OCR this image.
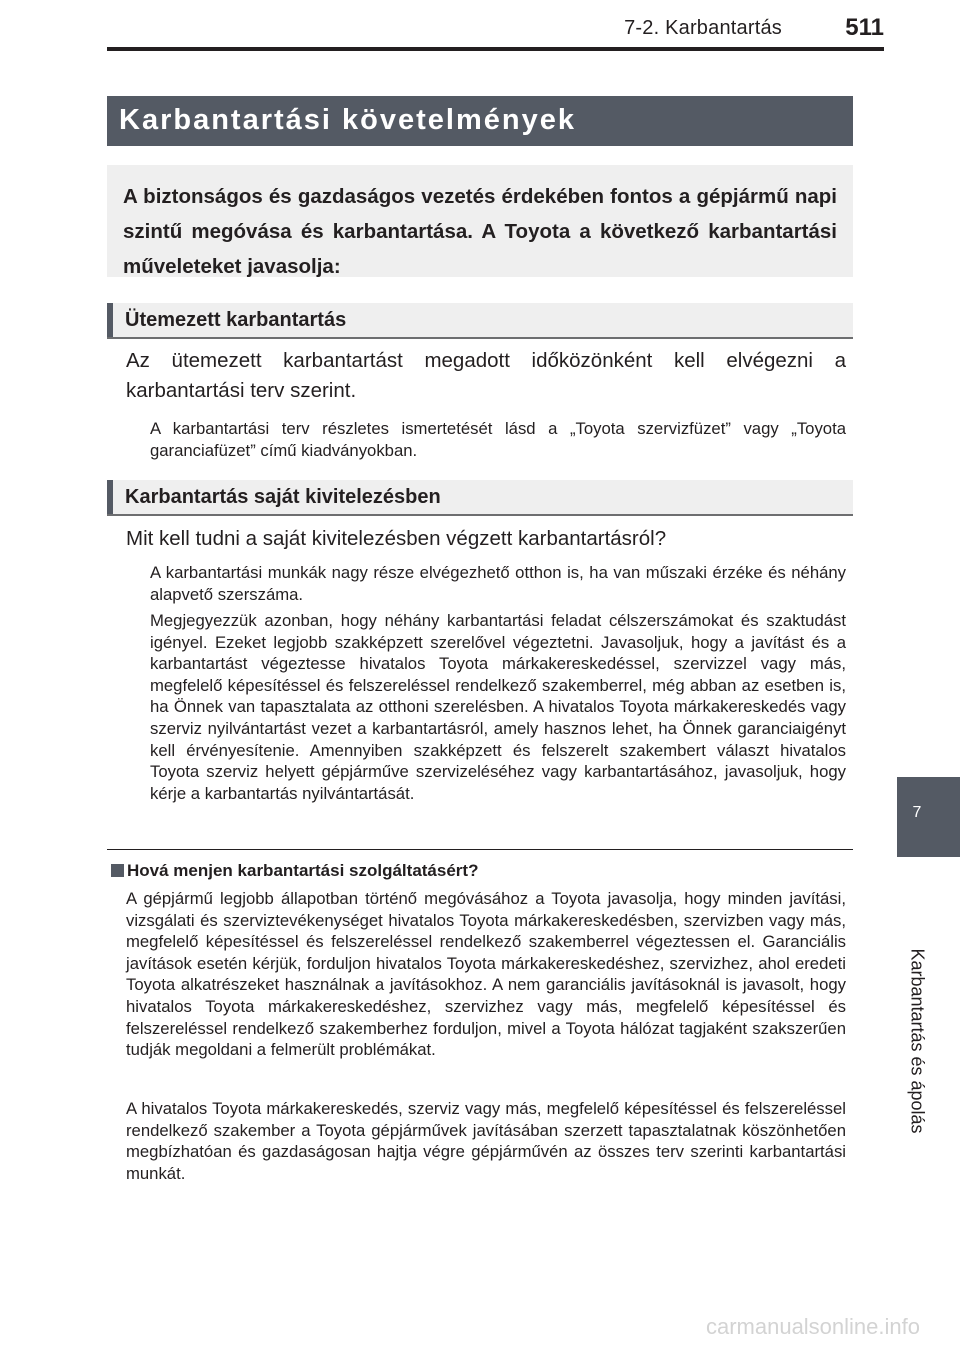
7-2. Karbantartás	511
Karbantartási követelmények

A biztonságos és gazdaságos vezetés érdekében fontos a gépjármű napi szintű megóvása és karbantartása. A Toyota a következő karbantartási műveleteket javasolja:

Ütemezett karbantartás

Az ütemezett karbantartást megadott időközönként kell elvégezni a karbantartási terv szerint.

A karbantartási terv részletes ismertetését lásd a „Toyota szervizfüzet” vagy „Toyota garanciafüzet” című kiadványokban.

Karbantartás saját kivitelezésben

Mit kell tudni a saját kivitelezésben végzett karbantartásról?

A karbantartási munkák nagy része elvégezhető otthon is, ha van műszaki érzéke és néhány alapvető szerszáma.

Megjegyezzük azonban, hogy néhány karbantartási feladat célszerszámokat és szaktudást igényel. Ezeket legjobb szakképzett szerelővel végeztetni. Javasoljuk, hogy a javítást és a karbantartást végeztesse hivatalos Toyota márkakereskedéssel, szervizzel vagy más, megfelelő képesítéssel és felszereléssel rendelkező szakemberrel, még abban az esetben is, ha Önnek van tapasztalata az otthoni szerelésben. A hivatalos Toyota márkakereskedés vagy szerviz nyilvántartást vezet a karbantartásról, amely hasznos lehet, ha Önnek garanciaigényt kell érvényesítenie. Amennyiben szakképzett és felszerelt szakembert választ hivatalos Toyota szerviz helyett gépjárműve szervizeléséhez vagy karbantartásához, javasoljuk, hogy kérje a karbantartás nyilvántartását.

Hová menjen karbantartási szolgáltatásért?

A gépjármű legjobb állapotban történő megóvásához a Toyota javasolja, hogy minden javítási, vizsgálati és szerviztevékenységet hivatalos Toyota márkakereskedésben, szervizben vagy más, megfelelő képesítéssel és felszereléssel rendelkező szakemberrel végeztessen el. Garanciális javítások esetén kérjük, forduljon hivatalos Toyota márkakereskedéshez, szervizhez, ahol eredeti Toyota alkatrészeket használnak a javításokhoz. A nem garanciális javításoknál is javasolt, hogy hivatalos Toyota márkakereskedéshez, szervizhez vagy más, megfelelő képesítéssel és felszereléssel rendelkező szakemberhez forduljon, mivel a Toyota hálózat tagjaként szakszerűen tudják megoldani a felmerült problémákat.

A hivatalos Toyota márkakereskedés, szerviz vagy más, megfelelő képesítéssel és felszereléssel rendelkező szakember a Toyota gépjárművek javításában szerzett tapasztalatnak köszönhetően megbízhatóan és gazdaságosan hajtja végre gépjárművén az összes terv szerinti karbantartási munkát.

7
Karbantartás és ápolás
carmanualsonline.info
